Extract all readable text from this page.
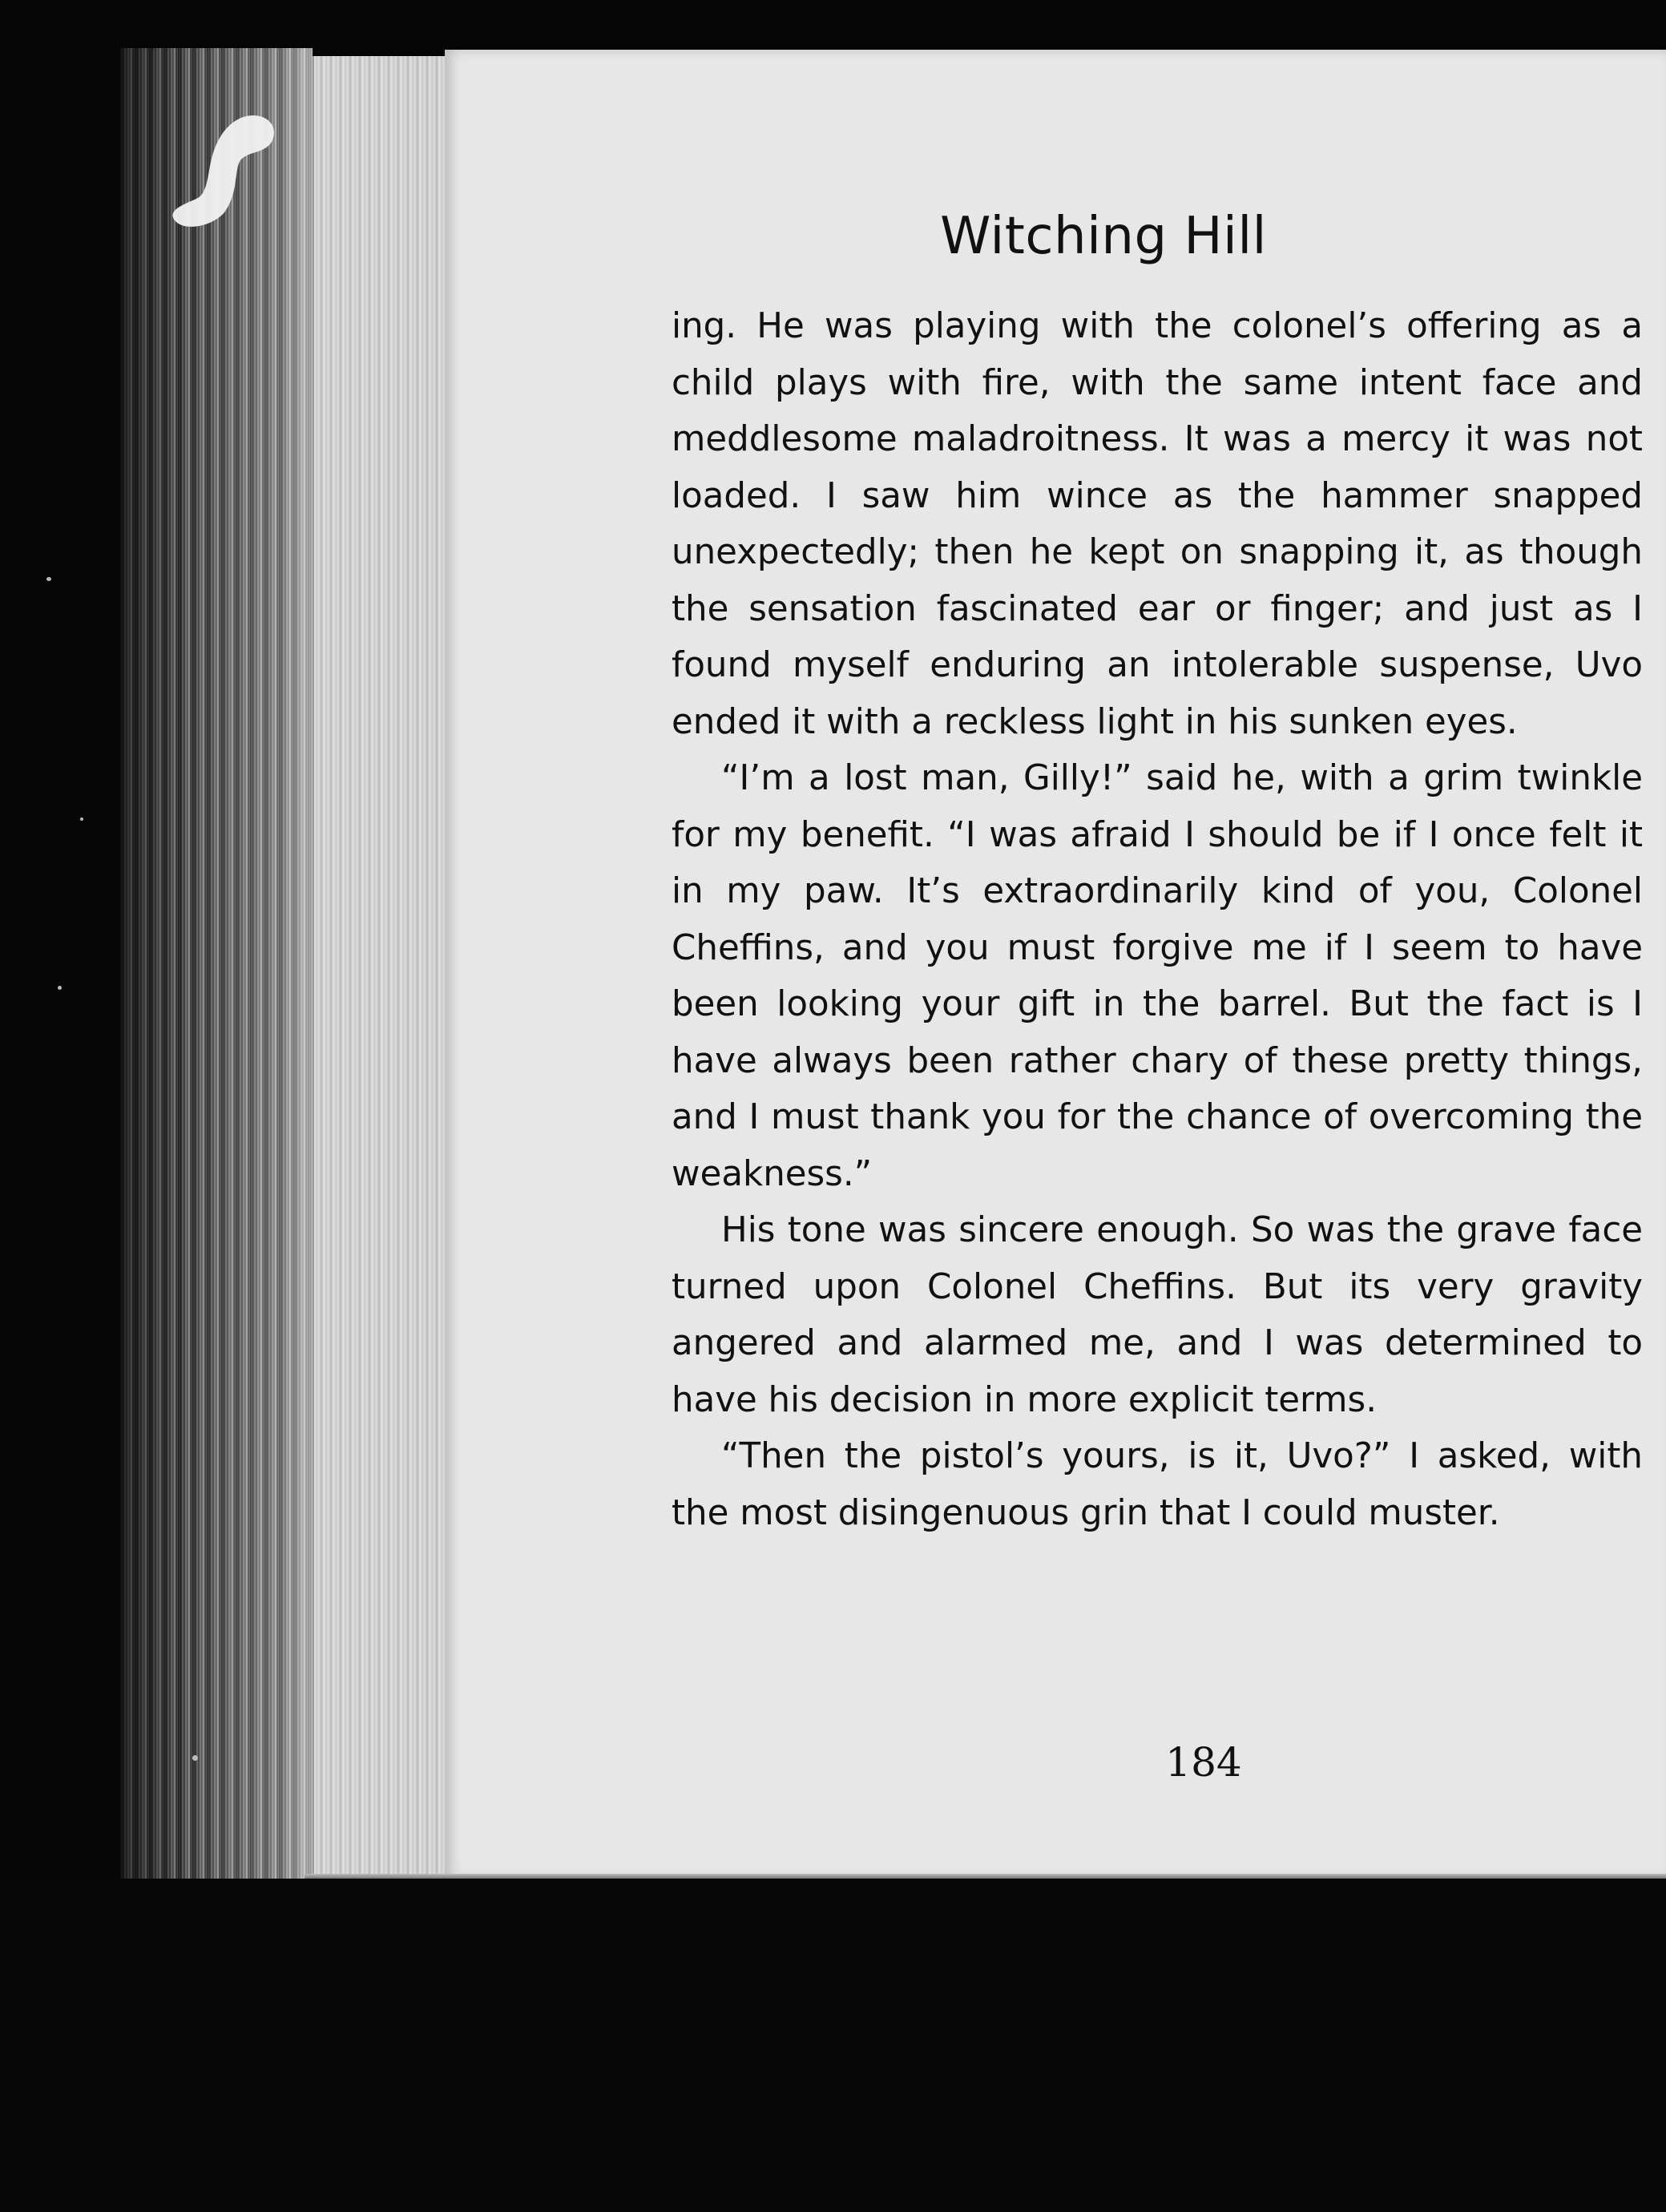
Witching Hill

ing. He was playing with the colonel’s offering as a child plays with fire, with the same intent face and meddlesome maladroitness. It was a mercy it was not loaded. I saw him wince as the hammer snapped unexpectedly; then he kept on snapping it, as though the sensation fascinated ear or finger; and just as I found myself enduring an intolerable suspense, Uvo ended it with a reckless light in his sunken eyes.

“I’m a lost man, Gilly!” said he, with a grim twinkle for my benefit. “I was afraid I should be if I once felt it in my paw. It’s extraordinarily kind of you, Colonel Cheffins, and you must forgive me if I seem to have been looking your gift in the barrel. But the fact is I have always been rather chary of these pretty things, and I must thank you for the chance of overcoming the weakness.”

His tone was sincere enough. So was the grave face turned upon Colonel Cheffins. But its very gravity angered and alarmed me, and I was determined to have his decision in more explicit terms.

“Then the pistol’s yours, is it, Uvo?” I asked, with the most disingenuous grin that I could muster.

184
